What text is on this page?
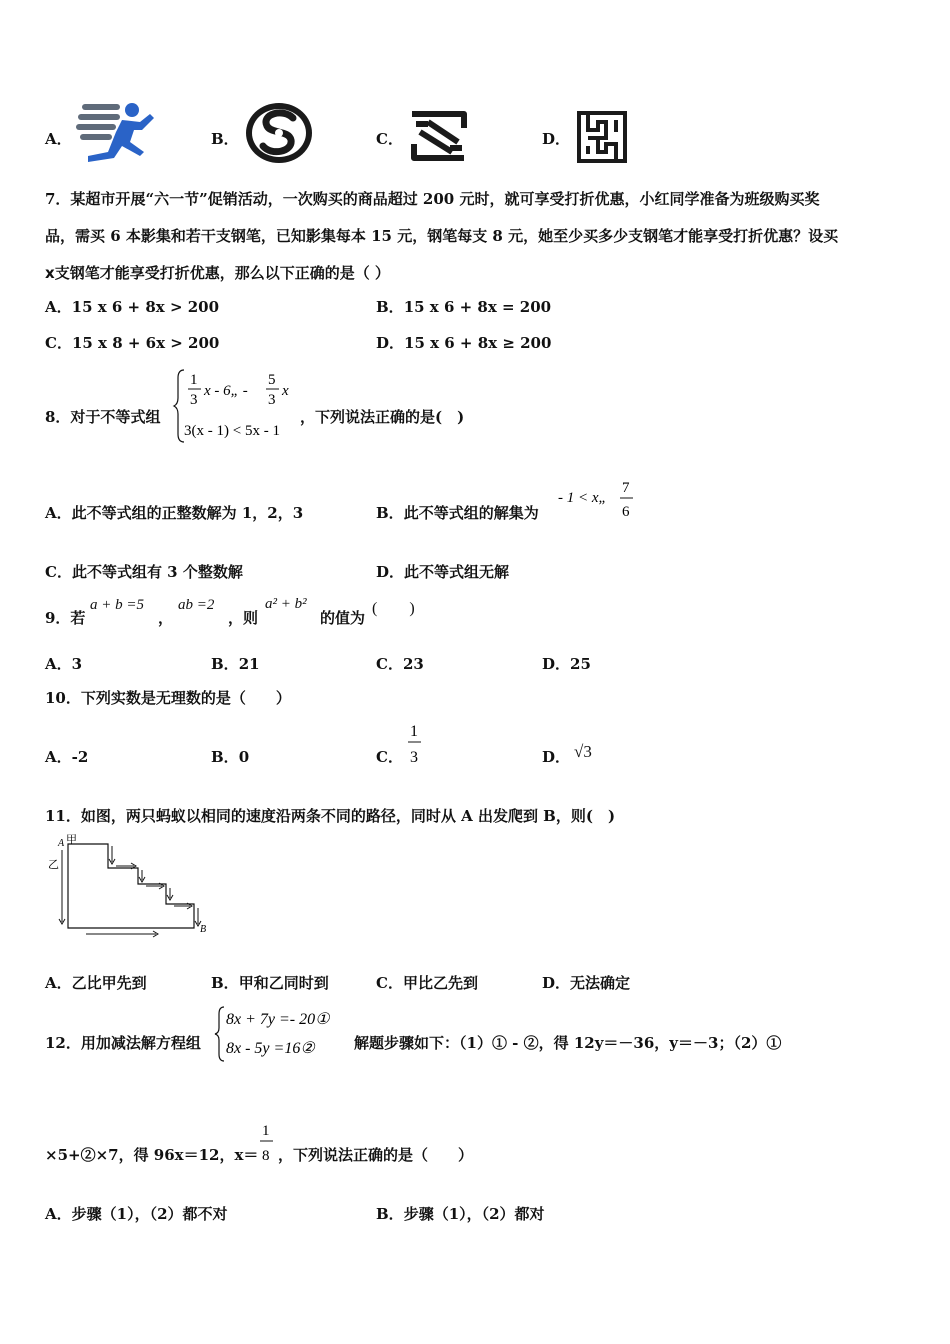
A．	B．	C．	D．
7．某超市开展“六一节”促销活动，一次购买的商品超过 200 元时，就可享受打折优惠，小红同学准备为班级购买奖
品，需买 6 本影集和若干支钢笔，已知影集每本 15 元，钢笔每支 8 元，她至少买多少支钢笔才能享受打折优惠？设买
x支钢笔才能享受打折优惠，那么以下正确的是（ ）
A．15 x 6 + 8x > 200	B．15 x 6 + 8x = 200
C．15 x 8 + 6x > 200	D．15 x 6 + 8x ≥ 200
8．对于不等式组
1
3
x - 6„ -
5
3
x
3(x - 1) < 5x - 1
，下列说法正确的是(　)
A．此不等式组的正整数解为 1，2，3	B．此不等式组的解集为
- 1 < x„
7
6
C．此不等式组有 3 个整数解	D．此不等式组无解
9．若
a + b =5
，
ab =2
，则
a² + b²
的值为
(　　)
A．3	B．21	C．23	D．25
10．下列实数是无理数的是（　　）
A．-2	B．0	C．
1
3	D． √3
11．如图，两只蚂蚁以相同的速度沿两条不同的路径，同时从 A 出发爬到 B，则(　)
甲
A
乙
B
A．乙比甲先到	B．甲和乙同时到	C．甲比乙先到	D．无法确定
12．用加减法解方程组
8x + 7y =- 20①
8x - 5y =16②	解题步骤如下：（1）① - ②，得 12y＝－36，y＝－3；（2）①
×5+②×7，得 96x＝12，x＝
1
8 ，下列说法正确的是（　　）
A．步骤（1），（2）都不对	B．步骤（1），（2）都对
